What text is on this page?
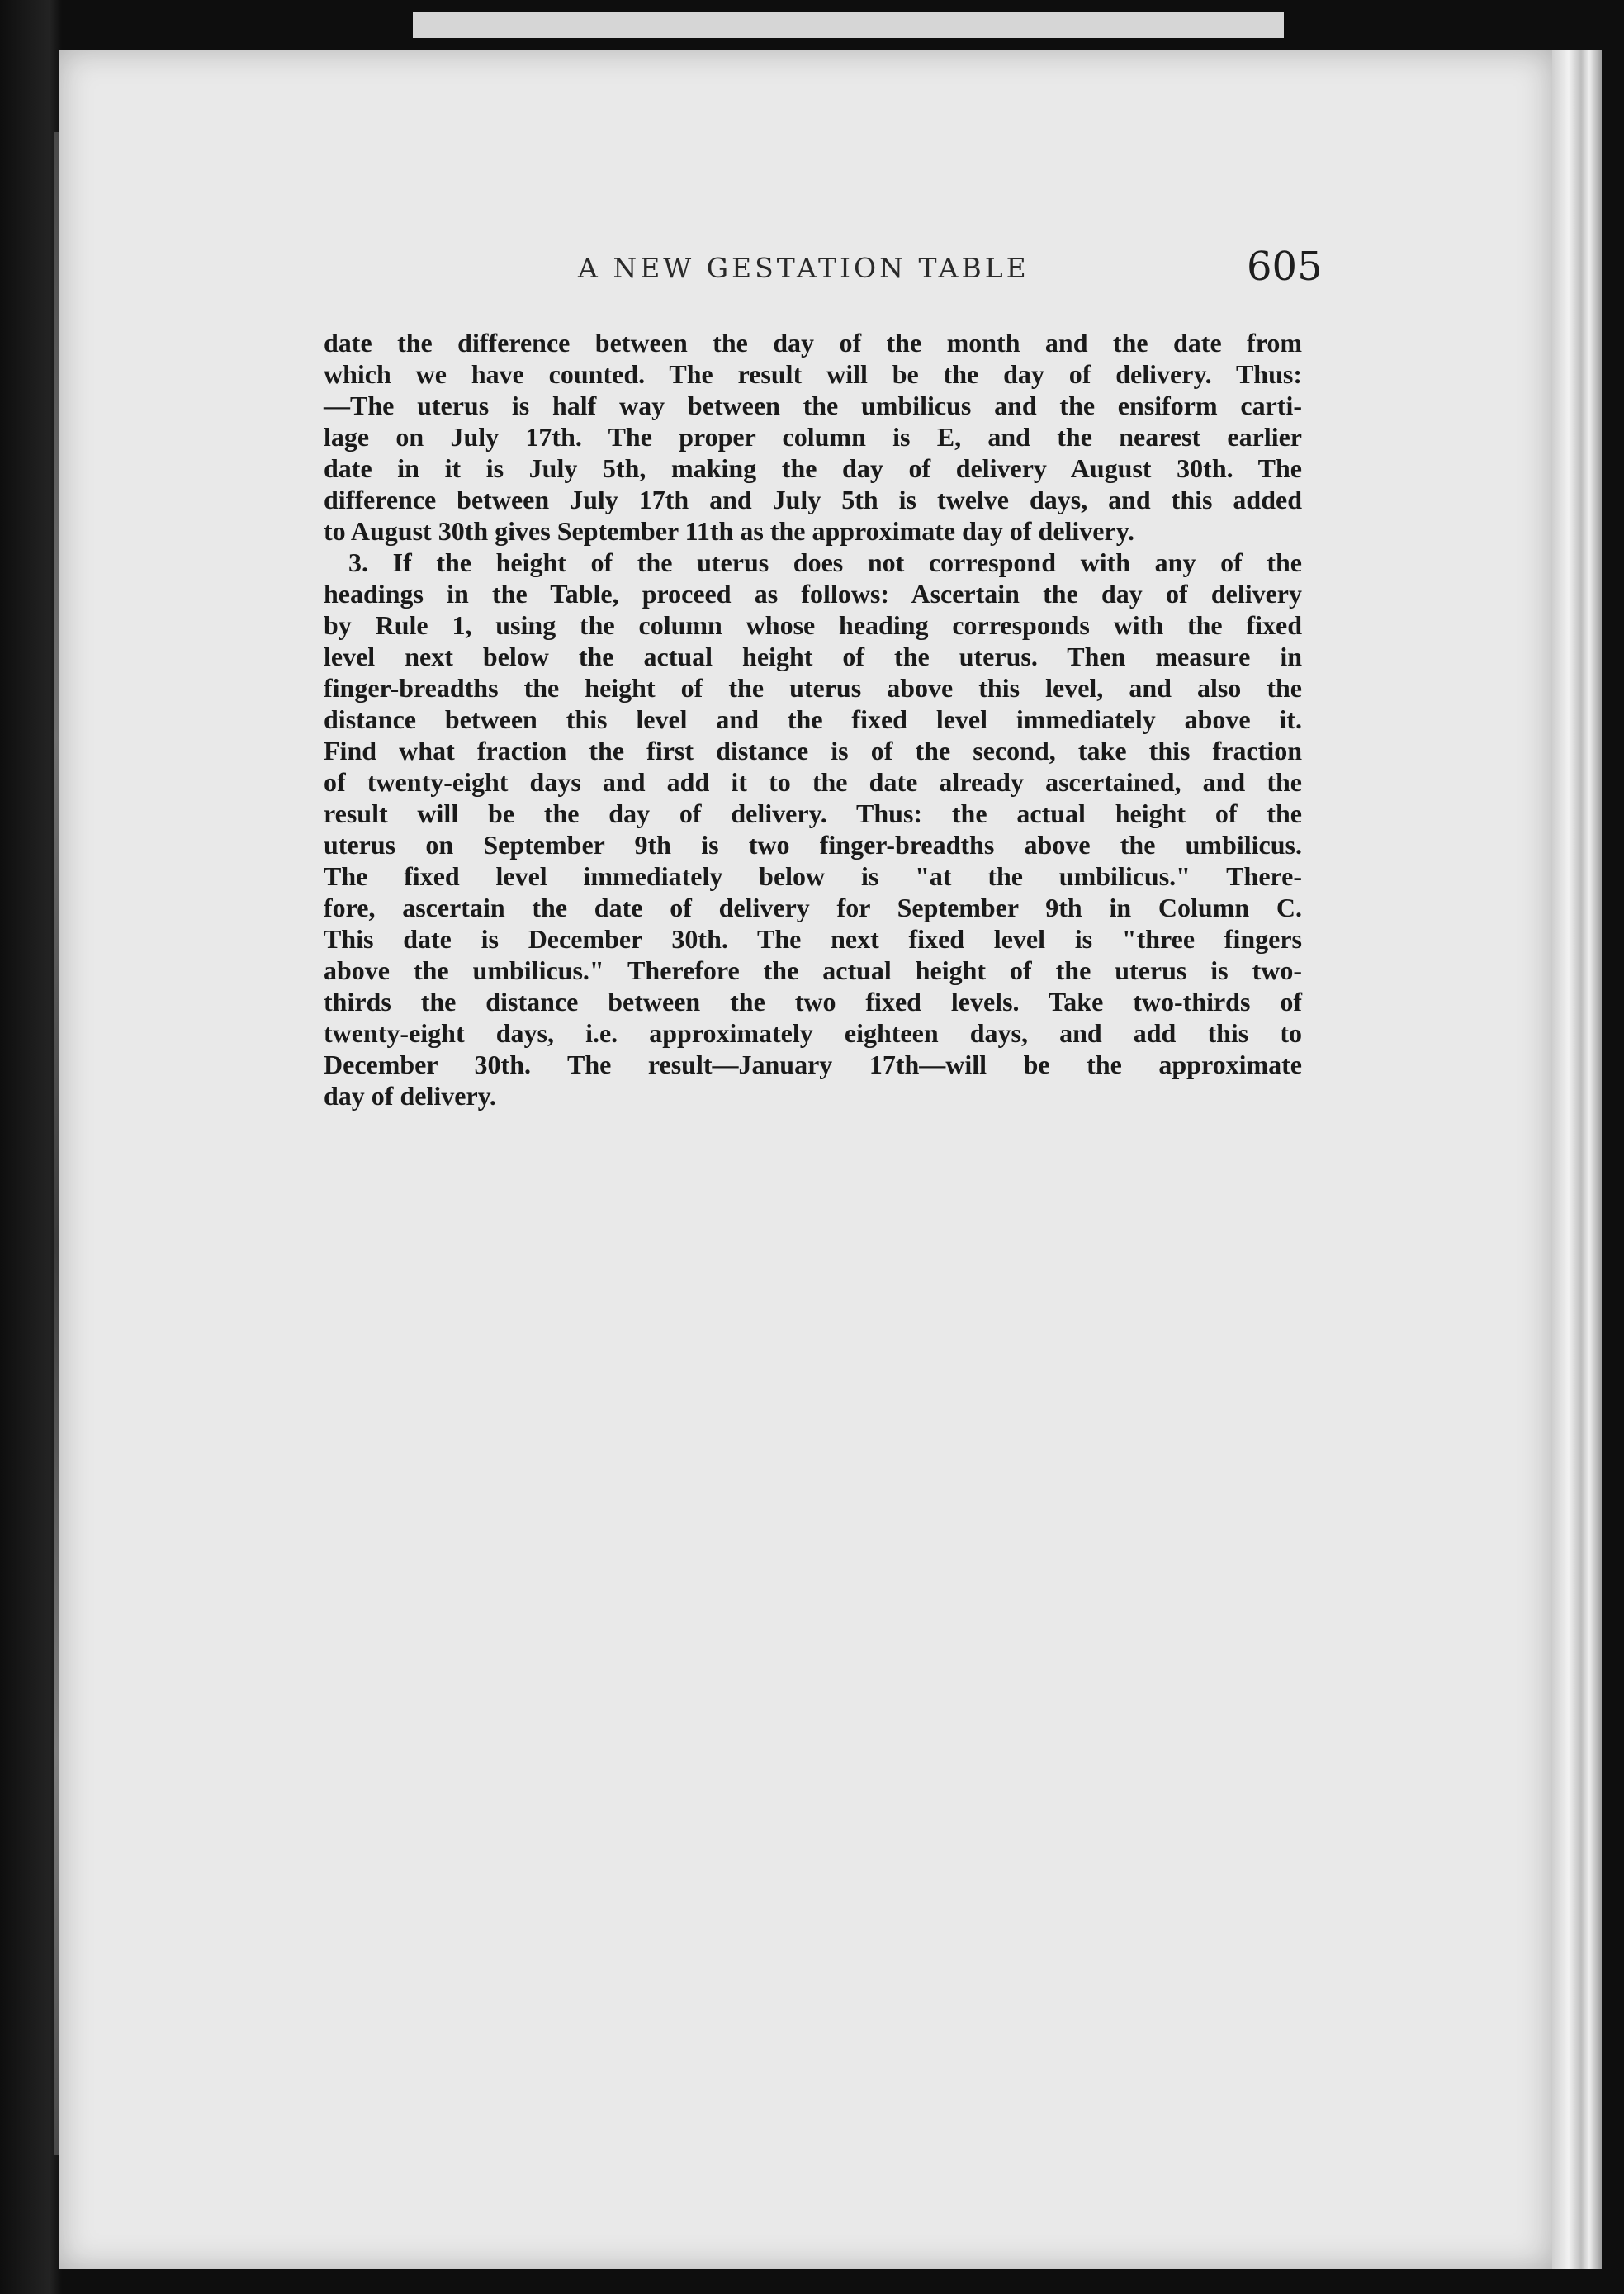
A NEW GESTATION TABLE	605
date the difference between the day of the month and the date from
which we have counted. The result will be the day of delivery. Thus:
—The uterus is half way between the umbilicus and the ensiform carti-
lage on July 17th. The proper column is E, and the nearest earlier
date in it is July 5th, making the day of delivery August 30th. The
difference between July 17th and July 5th is twelve days, and this added
to August 30th gives September 11th as the approximate day of delivery.
3. If the height of the uterus does not correspond with any of the
headings in the Table, proceed as follows: Ascertain the day of delivery
by Rule 1, using the column whose heading corresponds with the fixed
level next below the actual height of the uterus. Then measure in
finger-breadths the height of the uterus above this level, and also the
distance between this level and the fixed level immediately above it.
Find what fraction the first distance is of the second, take this fraction
of twenty-eight days and add it to the date already ascertained, and the
result will be the day of delivery. Thus: the actual height of the
uterus on September 9th is two finger-breadths above the umbilicus.
The fixed level immediately below is "at the umbilicus." There-
fore, ascertain the date of delivery for September 9th in Column C.
This date is December 30th. The next fixed level is "three fingers
above the umbilicus." Therefore the actual height of the uterus is two-
thirds the distance between the two fixed levels. Take two-thirds of
twenty-eight days, i.e. approximately eighteen days, and add this to
December 30th. The result—January 17th—will be the approximate
day of delivery.
